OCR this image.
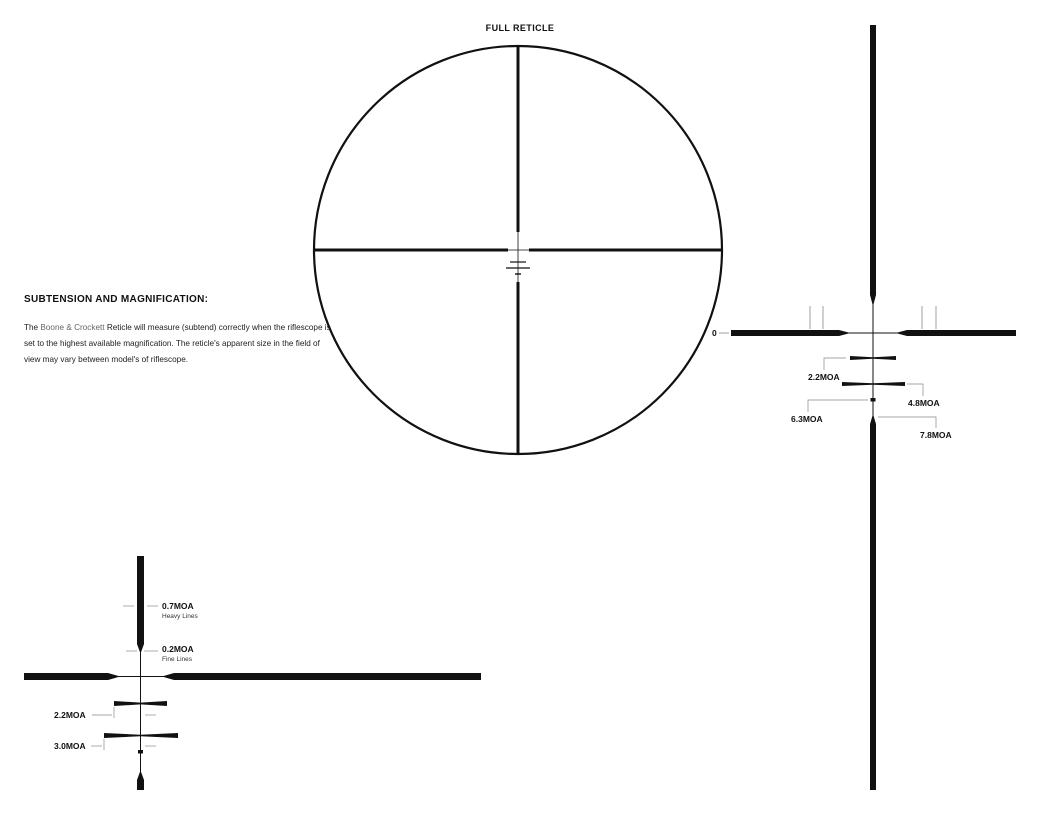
FULL RETICLE
SUBTENSION AND MAGNIFICATION:
The Boone & Crockett Reticle will measure (subtend) correctly when the riflescope is set to the highest available magnification. The reticle's apparent size in the field of view may vary between model's of riflescope.
0
2.2MOA
4.8MOA
6.3MOA
7.8MOA
0.7MOA
Heavy Lines
0.2MOA
Fine Lines
2.2MOA
3.0MOA
